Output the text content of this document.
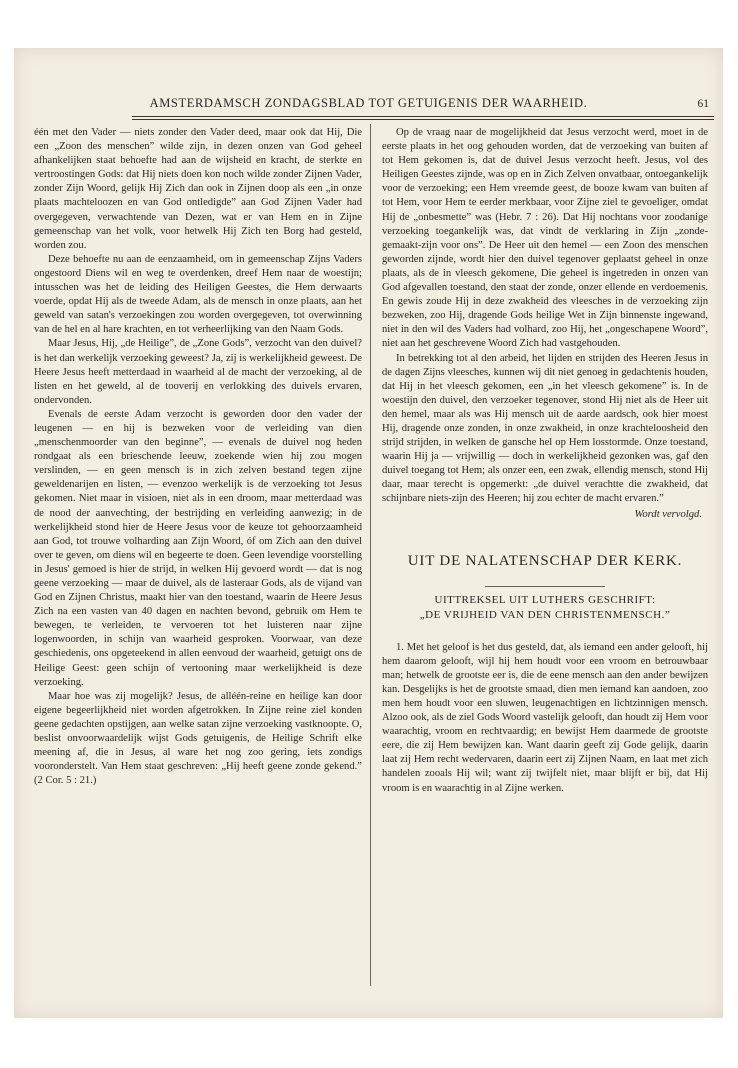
AMSTERDAMSCH ZONDAGSBLAD TOT GETUIGENIS DER WAARHEID.	61

één met den Vader — niets zonder den Vader deed, maar ook dat Hij, Die een „Zoon des menschen” wilde zijn, in dezen onzen van God geheel afhankelijken staat behoefte had aan de wijsheid en kracht, de sterkte en vertroostingen Gods: dat Hij niets doen kon noch wilde zonder Zijnen Vader, zonder Zijn Woord, gelijk Hij Zich dan ook in Zijnen doop als een „in onze plaats machteloozen en van God ontledigde” aan God Zijnen Vader had overgegeven, verwachtende van Dezen, wat er van Hem en in Zijne gemeenschap van het volk, voor hetwelk Hij Zich ten Borg had gesteld, worden zou.

Deze behoefte nu aan de eenzaamheid, om in gemeenschap Zijns Vaders ongestoord Diens wil en weg te overdenken, dreef Hem naar de woestijn; intusschen was het de leiding des Heiligen Geestes, die Hem derwaarts voerde, opdat Hij als de tweede Adam, als de mensch in onze plaats, aan het geweld van satan's verzoekingen zou worden overgegeven, tot overwinning van de hel en al hare krachten, en tot verheerlijking van den Naam Gods.

Maar Jesus, Hij, „de Heilige”, de „Zone Gods”, verzocht van den duivel? is het dan werkelijk verzoeking geweest? Ja, zij is werkelijkheid geweest. De Heere Jesus heeft metterdaad in waarheid al de macht der verzoeking, al de listen en het geweld, al de tooverij en verlokking des duivels ervaren, ondervonden.

Evenals de eerste Adam verzocht is geworden door den vader der leugenen — en hij is bezweken voor de verleiding van dien „menschenmoorder van den beginne”, — evenals de duivel nog heden rondgaat als een brieschende leeuw, zoekende wien hij zou mogen verslinden, — en geen mensch is in zich zelven bestand tegen zijne geweldenarijen en listen, — evenzoo werkelijk is de verzoeking tot Jesus gekomen. Niet maar in visioen, niet als in een droom, maar metterdaad was de nood der aanvechting, der bestrijding en verleiding aanwezig; in de werkelijkheid stond hier de Heere Jesus voor de keuze tot gehoorzaamheid aan God, tot trouwe volharding aan Zijn Woord, óf om Zich aan den duivel over te geven, om diens wil en begeerte te doen. Geen levendige voorstelling in Jesus' gemoed is hier de strijd, in welken Hij gevoerd wordt — dat is nog geene verzoeking — maar de duivel, als de lasteraar Gods, als de vijand van God en Zijnen Christus, maakt hier van den toestand, waarin de Heere Jesus Zich na een vasten van 40 dagen en nachten bevond, gebruik om Hem te bewegen, te verleiden, te vervoeren tot het luisteren naar zijne logenwoorden, in schijn van waarheid gesproken. Voorwaar, van deze geschiedenis, ons opgeteekend in allen eenvoud der waarheid, getuigt ons de Heilige Geest: geen schijn of vertooning maar werkelijkheid is deze verzoeking.

Maar hoe was zij mogelijk? Jesus, de alléén-reine en heilige kan door eigene begeerlijkheid niet worden afgetrokken. In Zijne reine ziel konden geene gedachten opstijgen, aan welke satan zijne verzoeking vastknoopte. O, beslist onvoorwaardelijk wijst Gods getuigenis, de Heilige Schrift elke meening af, die in Jesus, al ware het nog zoo gering, iets zondigs vooronderstelt. Van Hem staat geschreven: „Hij heeft geene zonde gekend.” (2 Cor. 5 : 21.)

Op de vraag naar de mogelijkheid dat Jesus verzocht werd, moet in de eerste plaats in het oog gehouden worden, dat de verzoeking van buiten af tot Hem gekomen is, dat de duivel Jesus verzocht heeft. Jesus, vol des Heiligen Geestes zijnde, was op en in Zich Zelven onvatbaar, ontoegankelijk voor de verzoeking; een Hem vreemde geest, de booze kwam van buiten af tot Hem, voor Hem te eerder merkbaar, voor Zijne ziel te gevoeliger, omdat Hij de „onbesmette” was (Hebr. 7 : 26). Dat Hij nochtans voor zoodanige verzoeking toegankelijk was, dat vindt de verklaring in Zijn „zonde-gemaakt-zijn voor ons”. De Heer uit den hemel — een Zoon des menschen geworden zijnde, wordt hier den duivel tegenover geplaatst geheel in onze plaats, als de in vleesch gekomene, Die geheel is ingetreden in onzen van God afgevallen toestand, den staat der zonde, onzer ellende en verdoemenis. En gewis zoude Hij in deze zwakheid des vleesches in de verzoeking zijn bezweken, zoo Hij, dragende Gods heilige Wet in Zijn binnenste ingewand, niet in den wil des Vaders had volhard, zoo Hij, het „ongeschapene Woord”, niet aan het geschrevene Woord Zich had vastgehouden.

In betrekking tot al den arbeid, het lijden en strijden des Heeren Jesus in de dagen Zijns vleesches, kunnen wij dit niet genoeg in gedachtenis houden, dat Hij in het vleesch gekomen, een „in het vleesch gekomene” is. In de woestijn den duivel, den verzoeker tegenover, stond Hij niet als de Heer uit den hemel, maar als was Hij mensch uit de aarde aardsch, ook hier moest Hij, dragende onze zonden, in onze zwakheid, in onze krachteloosheid den strijd strijden, in welken de gansche hel op Hem losstormde. Onze toestand, waarin Hij ja — vrijwillig — doch in werkelijkheid gezonken was, gaf den duivel toegang tot Hem; als onzer een, een zwak, ellendig mensch, stond Hij daar, maar terecht is opgemerkt: „de duivel verachtte die zwakheid, dat schijnbare niets-zijn des Heeren; hij zou echter de macht ervaren.”

Wordt vervolgd.
UIT DE NALATENSCHAP DER KERK.
UITTREKSEL UIT LUTHERS GESCHRIFT:
„DE VRIJHEID VAN DEN CHRISTENMENSCH.”

1. Met het geloof is het dus gesteld, dat, als iemand een ander gelooft, hij hem daarom gelooft, wijl hij hem houdt voor een vroom en betrouwbaar man; hetwelk de grootste eer is, die de eene mensch aan den ander bewijzen kan. Desgelijks is het de grootste smaad, dien men iemand kan aandoen, zoo men hem houdt voor een sluwen, leugenachtigen en lichtzinnigen mensch. Alzoo ook, als de ziel Gods Woord vastelijk gelooft, dan houdt zij Hem voor waarachtig, vroom en rechtvaardig; en bewijst Hem daarmede de grootste eere, die zij Hem bewijzen kan. Want daarin geeft zij Gode gelijk, daarin laat zij Hem recht wedervaren, daarin eert zij Zijnen Naam, en laat met zich handelen zooals Hij wil; want zij twijfelt niet, maar blijft er bij, dat Hij vroom is en waarachtig in al Zijne werken.
